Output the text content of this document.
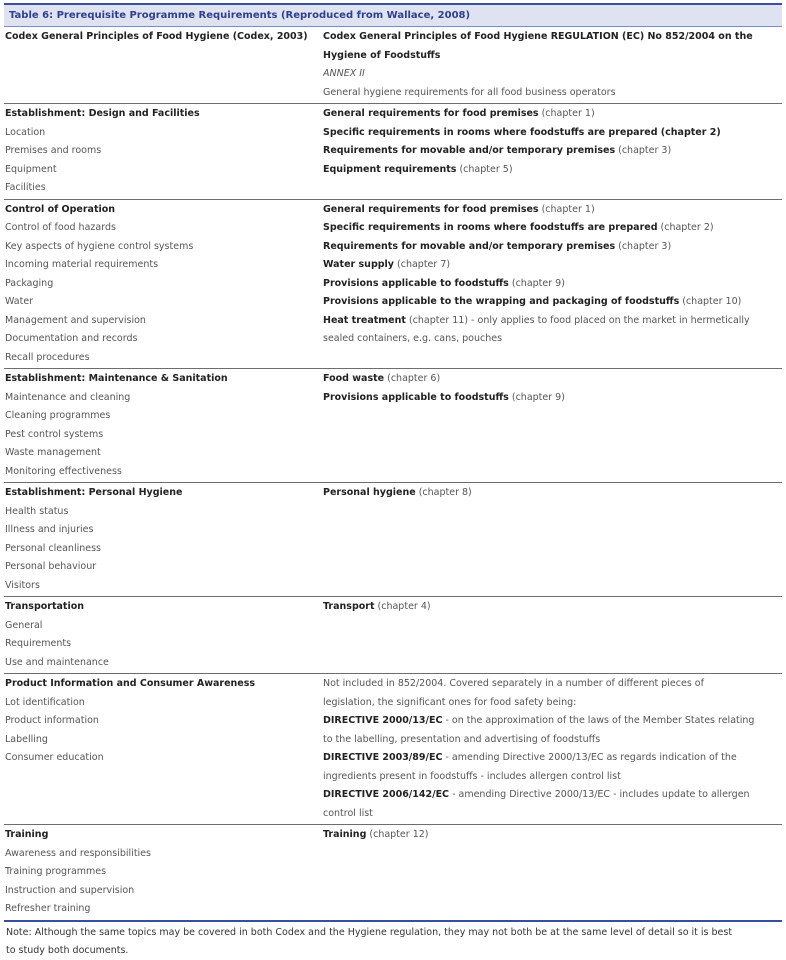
Table 6: Prerequisite Programme Requirements (Reproduced from Wallace, 2008)
Codex General Principles of Food Hygiene (Codex, 2003)	Codex General Principles of Food Hygiene REGULATION (EC) No 852/2004 on the
Hygiene of Foodstuffs
ANNEX II
General hygiene requirements for all food business operators
Establishment: Design and Facilities
Location
Premises and rooms
Equipment
Facilities
General requirements for food premises (chapter 1)
Specific requirements in rooms where foodstuffs are prepared (chapter 2)
Requirements for movable and/or temporary premises (chapter 3)
Equipment requirements (chapter 5)
Control of Operation
Control of food hazards
Key aspects of hygiene control systems
Incoming material requirements
Packaging
Water
Management and supervision
Documentation and records
Recall procedures
General requirements for food premises (chapter 1)
Specific requirements in rooms where foodstuffs are prepared (chapter 2)
Requirements for movable and/or temporary premises (chapter 3)
Water supply (chapter 7)
Provisions applicable to foodstuffs (chapter 9)
Provisions applicable to the wrapping and packaging of foodstuffs (chapter 10)
Heat treatment (chapter 11) - only applies to food placed on the market in hermetically
sealed containers, e.g. cans, pouches
Establishment: Maintenance & Sanitation
Maintenance and cleaning
Cleaning programmes
Pest control systems
Waste management
Monitoring effectiveness
Food waste (chapter 6)
Provisions applicable to foodstuffs (chapter 9)
Establishment: Personal Hygiene
Health status
Illness and injuries
Personal cleanliness
Personal behaviour
Visitors
Personal hygiene (chapter 8)
Transportation
General
Requirements
Use and maintenance
Transport (chapter 4)
Product Information and Consumer Awareness
Lot identification
Product information
Labelling
Consumer education
Not included in 852/2004. Covered separately in a number of different pieces of
legislation, the significant ones for food safety being:
DIRECTIVE 2000/13/EC - on the approximation of the laws of the Member States relating
to the labelling, presentation and advertising of foodstuffs
DIRECTIVE 2003/89/EC - amending Directive 2000/13/EC as regards indication of the
ingredients present in foodstuffs - includes allergen control list
DIRECTIVE 2006/142/EC - amending Directive 2000/13/EC - includes update to allergen
control list
Training
Awareness and responsibilities
Training programmes
Instruction and supervision
Refresher training
Training (chapter 12)
Note: Although the same topics may be covered in both Codex and the Hygiene regulation, they may not both be at the same level of detail so it is best
to study both documents.
